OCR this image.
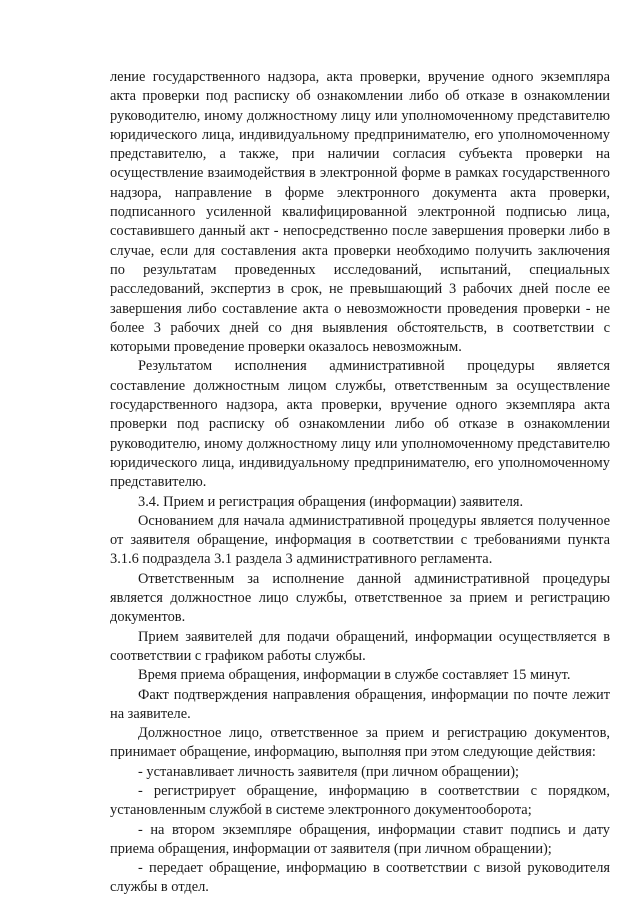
ление государственного надзора, акта проверки, вручение одного экземпляра акта проверки под расписку об ознакомлении либо об отказе в ознакомлении руководителю, иному должностному лицу или уполномоченному представителю юридического лица, индивидуальному предпринимателю, его уполномоченному представителю, а также, при наличии согласия субъекта проверки на осуществление взаимодействия в электронной форме в рамках государственного надзора, направление в форме электронного документа акта проверки, подписанного усиленной квалифицированной электронной подписью лица, составившего данный акт - непосредственно после завершения проверки либо в случае, если для составления акта проверки необходимо получить заключения по результатам проведенных исследований, испытаний, специальных расследований, экспертиз в срок, не превышающий 3 рабочих дней после ее завершения либо составление акта о невозможности проведения проверки - не более 3 рабочих дней со дня выявления обстоятельств, в соответствии с которыми проведение проверки оказалось невозможным.

Результатом исполнения административной процедуры является составление должностным лицом службы, ответственным за осуществление государственного надзора, акта проверки, вручение одного экземпляра акта проверки под расписку об ознакомлении либо об отказе в ознакомлении руководителю, иному должностному лицу или уполномоченному представителю юридического лица, индивидуальному предпринимателю, его уполномоченному представителю.

3.4. Прием и регистрация обращения (информации) заявителя.

Основанием для начала административной процедуры является полученное от заявителя обращение, информация в соответствии с требованиями пункта 3.1.6 подраздела 3.1 раздела 3 административного регламента.

Ответственным за исполнение данной административной процедуры является должностное лицо службы, ответственное за прием и регистрацию документов.

Прием заявителей для подачи обращений, информации осуществляется в соответствии с графиком работы службы.

Время приема обращения, информации в службе составляет 15 минут.

Факт подтверждения направления обращения, информации по почте лежит на заявителе.

Должностное лицо, ответственное за прием и регистрацию документов, принимает обращение, информацию, выполняя при этом следующие действия:

- устанавливает личность заявителя (при личном обращении);

- регистрирует обращение, информацию в соответствии с порядком, установленным службой в системе электронного документооборота;

- на втором экземпляре обращения, информации ставит подпись и дату приема обращения, информации от заявителя (при личном обращении);

- передает обращение, информацию в соответствии с визой руководителя службы в отдел.
